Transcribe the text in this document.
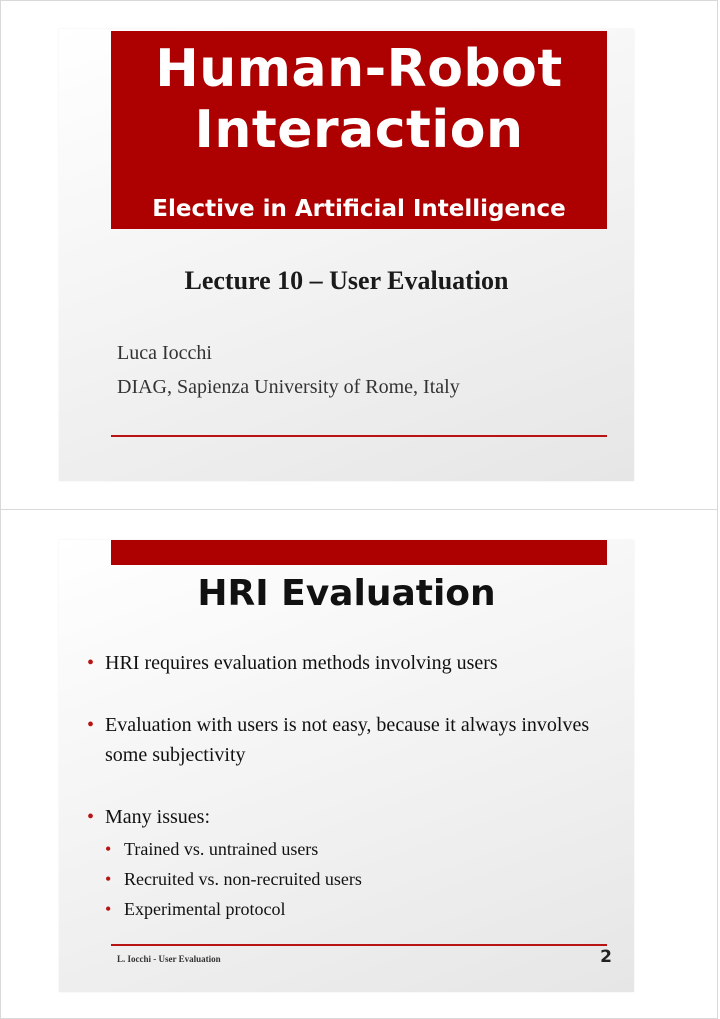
Human-Robot
Interaction
Elective in Artificial Intelligence
Lecture 10 – User Evaluation
Luca Iocchi
DIAG, Sapienza University of Rome, Italy
HRI Evaluation
• HRI requires evaluation methods involving users
• Evaluation with users is not easy, because it always involves some subjectivity
• Many issues:
• Trained vs. untrained users
• Recruited vs. non-recruited users
• Experimental protocol
L. Iocchi - User Evaluation	2
